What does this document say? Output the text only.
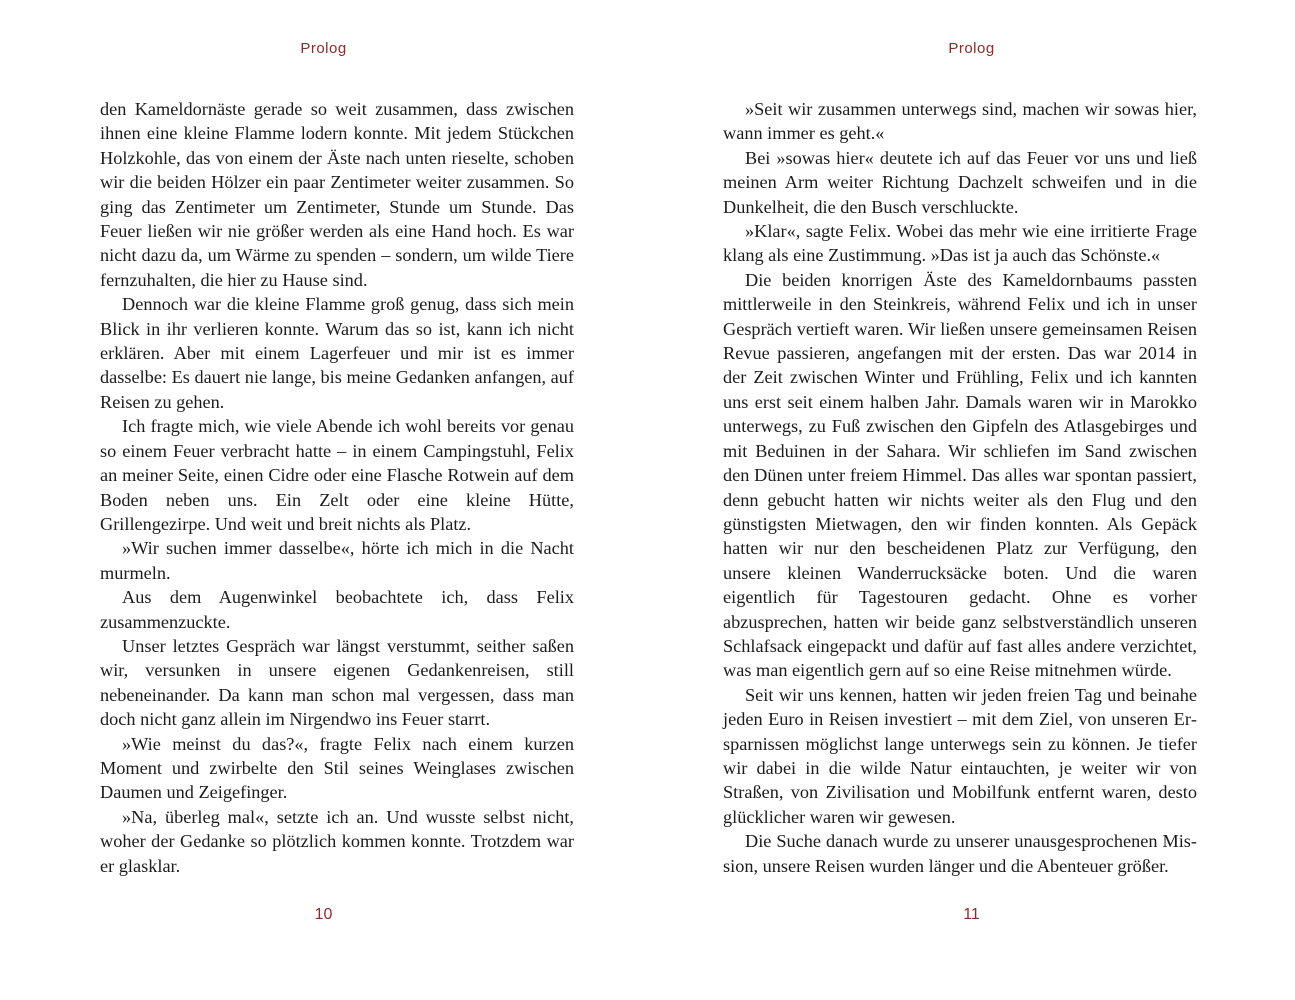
Prolog

den Kameldornäste gerade so weit zusammen, dass zwischen ihnen eine kleine Flamme lodern konnte. Mit jedem Stückchen Holzkohle, das von einem der Äste nach unten rieselte, schoben wir die beiden Hölzer ein paar Zentimeter weiter zusammen. So ging das Zentimeter um Zentimeter, Stunde um Stunde. Das Feuer ließen wir nie größer werden als eine Hand hoch. Es war nicht dazu da, um Wärme zu spenden – sondern, um wilde Tiere fernzuhalten, die hier zu Hause sind.

Dennoch war die kleine Flamme groß genug, dass sich mein Blick in ihr verlieren konnte. Warum das so ist, kann ich nicht erklären. Aber mit einem Lagerfeuer und mir ist es immer dasselbe: Es dauert nie lange, bis meine Gedanken anfangen, auf Reisen zu gehen.

Ich fragte mich, wie viele Abende ich wohl bereits vor genau so einem Feuer verbracht hatte – in einem Campingstuhl, Felix an meiner Seite, einen Cidre oder eine Flasche Rotwein auf dem Boden neben uns. Ein Zelt oder eine kleine Hütte, Grillengezirpe. Und weit und breit nichts als Platz.

»Wir suchen immer dasselbe«, hörte ich mich in die Nacht murmeln.

Aus dem Augenwinkel beobachtete ich, dass Felix zusammenzuckte.

Unser letztes Gespräch war längst verstummt, seither saßen wir, versunken in unsere eigenen Gedankenreisen, still nebeneinander. Da kann man schon mal vergessen, dass man doch nicht ganz allein im Nirgendwo ins Feuer starrt.

»Wie meinst du das?«, fragte Felix nach einem kurzen Moment und zwirbelte den Stil seines Weinglases zwischen Daumen und Zeigefinger.

»Na, überleg mal«, setzte ich an. Und wusste selbst nicht, woher der Gedanke so plötzlich kommen konnte. Trotzdem war er glasklar.

10
Prolog

»Seit wir zusammen unterwegs sind, machen wir sowas hier, wann immer es geht.«

Bei »sowas hier« deutete ich auf das Feuer vor uns und ließ meinen Arm weiter Richtung Dachzelt schweifen und in die Dunkelheit, die den Busch verschluckte.

»Klar«, sagte Felix. Wobei das mehr wie eine irritierte Frage klang als eine Zustimmung. »Das ist ja auch das Schönste.«

Die beiden knorrigen Äste des Kameldornbaums passten mittlerweile in den Steinkreis, während Felix und ich in unser Gespräch vertieft waren. Wir ließen unsere gemeinsamen Reisen Revue passieren, angefangen mit der ersten. Das war 2014 in der Zeit zwischen Winter und Frühling, Felix und ich kannten uns erst seit einem halben Jahr. Damals waren wir in Marokko unterwegs, zu Fuß zwischen den Gipfeln des Atlasgebirges und mit Beduinen in der Sahara. Wir schliefen im Sand zwischen den Dünen unter freiem Himmel. Das alles war spontan passiert, denn gebucht hatten wir nichts weiter als den Flug und den günstigsten Mietwagen, den wir finden konnten. Als Gepäck hatten wir nur den bescheidenen Platz zur Verfügung, den unsere kleinen Wanderrucksäcke boten. Und die waren eigentlich für Tagestouren gedacht. Ohne es vorher abzusprechen, hatten wir beide ganz selbstverständlich unseren Schlafsack eingepackt und dafür auf fast alles andere verzichtet, was man eigentlich gern auf so eine Reise mitnehmen würde.

Seit wir uns kennen, hatten wir jeden freien Tag und beinahe jeden Euro in Reisen investiert – mit dem Ziel, von unseren Ersparnissen möglichst lange unterwegs sein zu können. Je tiefer wir dabei in die wilde Natur eintauchten, je weiter wir von Straßen, von Zivilisation und Mobilfunk entfernt waren, desto glücklicher waren wir gewesen.

Die Suche danach wurde zu unserer unausgesprochenen Mission, unsere Reisen wurden länger und die Abenteuer größer.

11
